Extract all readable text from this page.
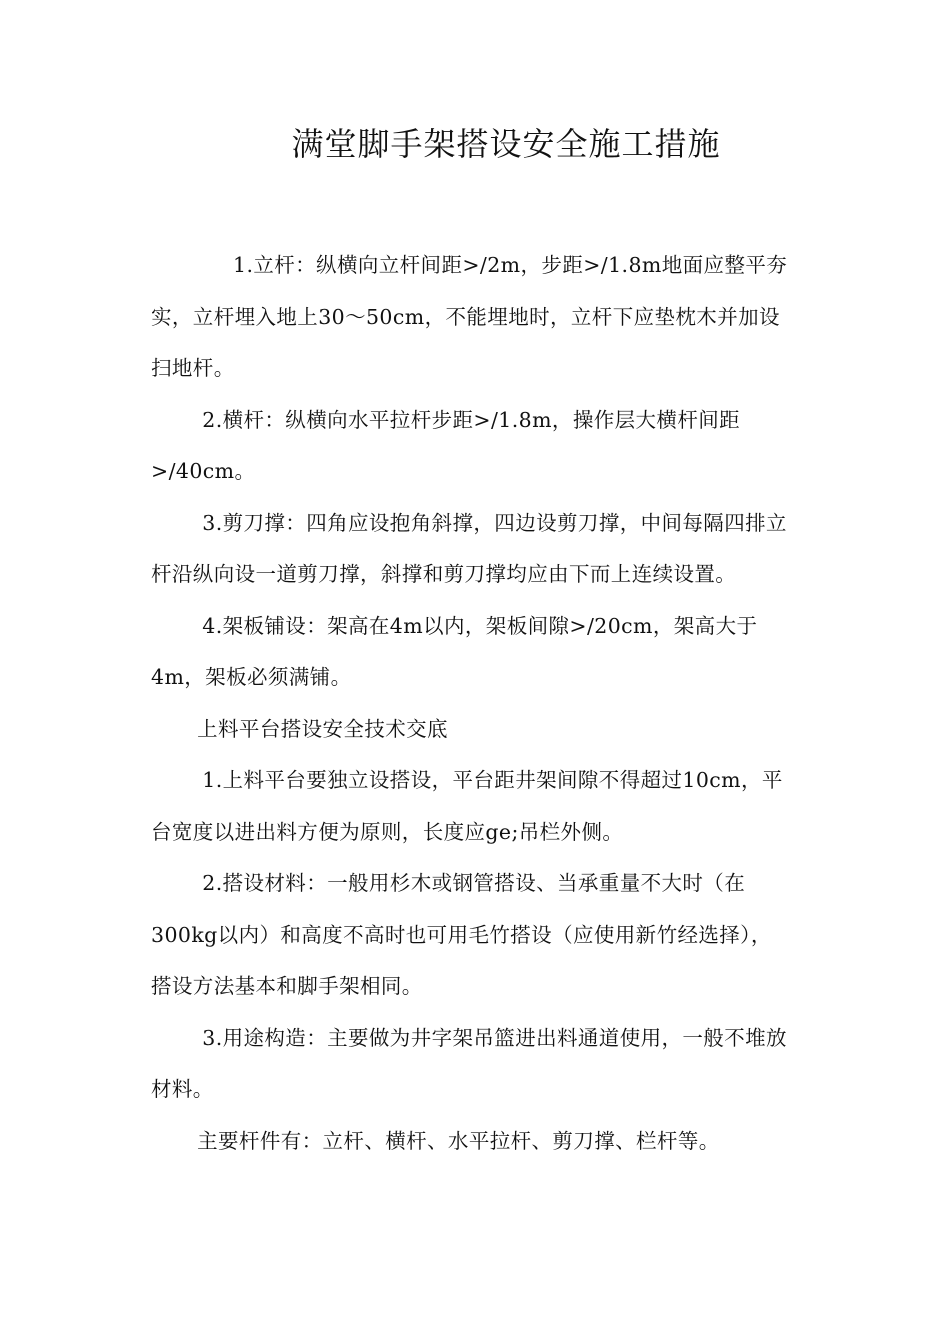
满堂脚手架搭设安全施工措施

1.立杆：纵横向立杆间距>/2m，步距>/1.8m地面应整平夯实，立杆埋入地上30～50cm，不能埋地时，立杆下应垫枕木并加设扫地杆。

2.横杆：纵横向水平拉杆步距>/1.8m，操作层大横杆间距>/40cm。

3.剪刀撑：四角应设抱角斜撑，四边设剪刀撑，中间每隔四排立杆沿纵向设一道剪刀撑，斜撑和剪刀撑均应由下而上连续设置。

4.架板铺设：架高在4m以内，架板间隙>/20cm，架高大于4m，架板必须满铺。

上料平台搭设安全技术交底

1.上料平台要独立设搭设，平台距井架间隙不得超过10cm，平台宽度以进出料方便为原则，长度应ge;吊栏外侧。

2.搭设材料：一般用杉木或钢管搭设、当承重量不大时（在300kg以内）和高度不高时也可用毛竹搭设（应使用新竹经选择），搭设方法基本和脚手架相同。

3.用途构造：主要做为井字架吊篮进出料通道使用，一般不堆放材料。

主要杆件有：立杆、横杆、水平拉杆、剪刀撑、栏杆等。
